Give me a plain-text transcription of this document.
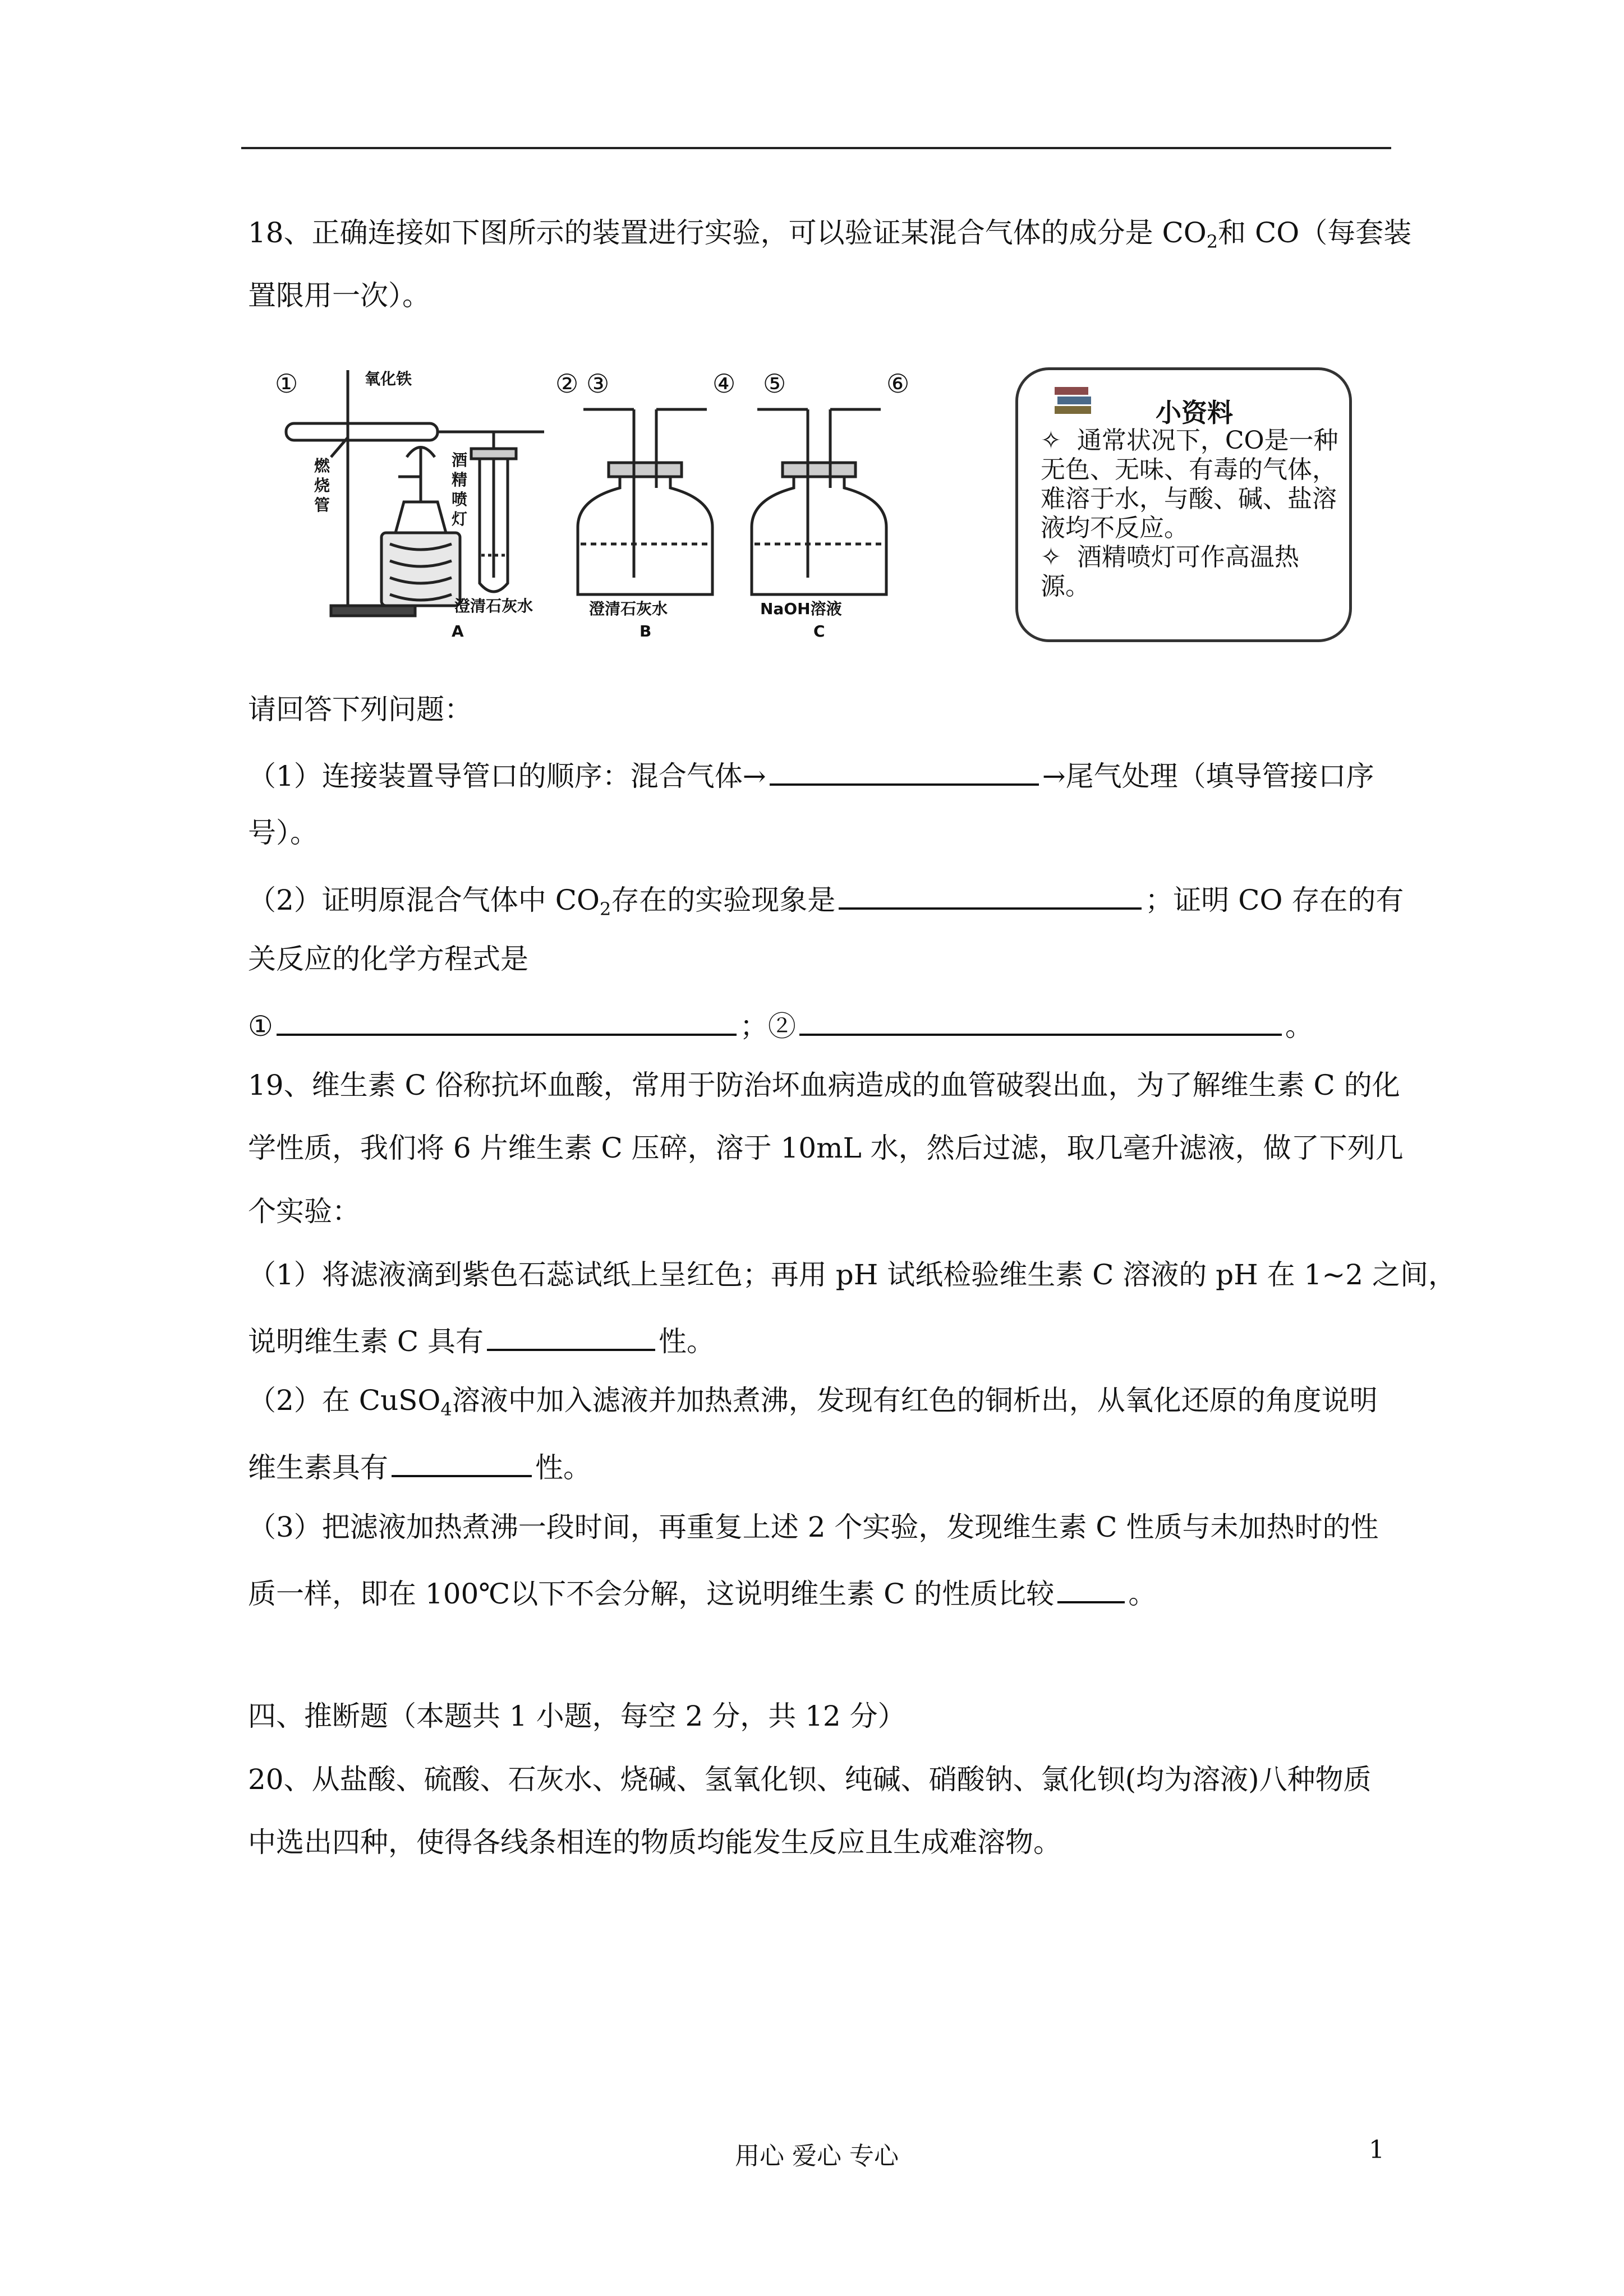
18、正确连接如下图所示的装置进行实验，可以验证某混合气体的成分是 $CO_2$和 CO（每套装
置限用一次）。
①	② ③	④ ⑤	⑥
氧化铁
燃
烧
管
酒
精
喷
灯
澄清石灰水
A
澄清石灰水
B
NaOH溶液
C
小资料
✧  通常状况下，CO是一种无色、无味、有毒的气体，难溶于水，与酸、碱、盐溶液均不反应。
✧  酒精喷灯可作高温热源。
请回答下列问题：
（1）连接装置导管口的顺序：混合气体→	→尾气处理（填导管接口序
号）。
（2）证明原混合气体中 $CO_2$存在的实验现象是	；证明 CO 存在的有
关反应的化学方程式是
①	；②	。
19、维生素 C 俗称抗坏血酸，常用于防治坏血病造成的血管破裂出血，为了解维生素 C 的化
学性质，我们将 6 片维生素 C 压碎，溶于 10mL 水，然后过滤，取几毫升滤液，做了下列几
个实验：
（1）将滤液滴到紫色石蕊试纸上呈红色；再用 pH 试纸检验维生素 C 溶液的 pH 在 1~2 之间，
说明维生素 C 具有	性。
（2）在 CuSO$_4$溶液中加入滤液并加热煮沸，发现有红色的铜析出，从氧化还原的角度说明
维生素具有	性。
（3）把滤液加热煮沸一段时间，再重复上述 2 个实验，发现维生素 C 性质与未加热时的性
质一样，即在 100℃以下不会分解，这说明维生素 C 的性质比较	。
四、推断题（本题共 1 小题，每空 2 分，共 12 分）
20、从盐酸、硫酸、石灰水、烧碱、氢氧化钡、纯碱、硝酸钠、氯化钡(均为溶液)八种物质
中选出四种，使得各线条相连的物质均能发生反应且生成难溶物。
用心 爱心 专心	1
